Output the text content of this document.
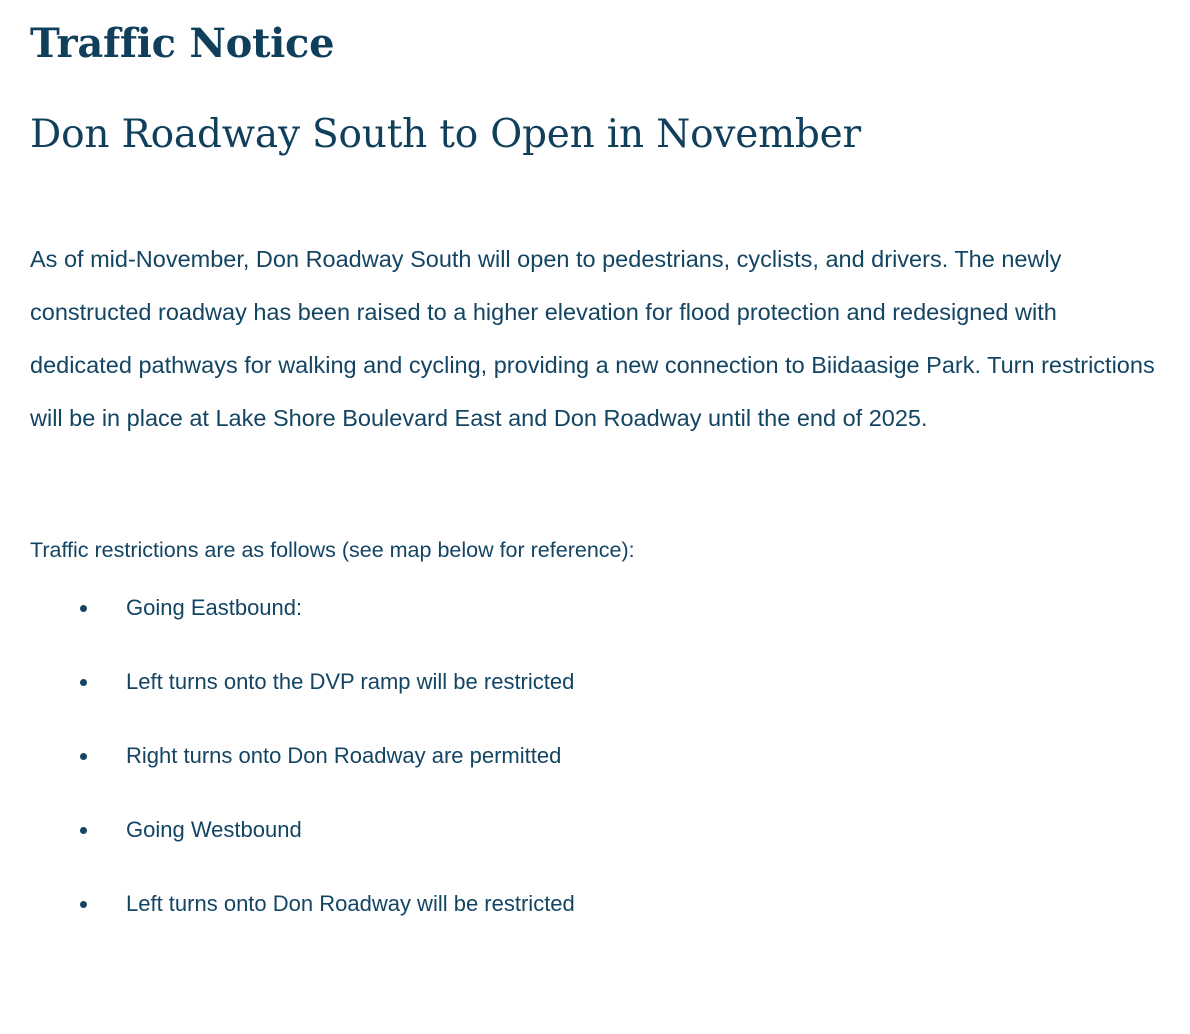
Traffic Notice
Don Roadway South to Open in November

As of mid-November, Don Roadway South will open to pedestrians, cyclists, and drivers. The newly constructed roadway has been raised to a higher elevation for flood protection and redesigned with dedicated pathways for walking and cycling, providing a new connection to Biidaasige Park. Turn restrictions will be in place at Lake Shore Boulevard East and Don Roadway until the end of 2025.

Traffic restrictions are as follows (see map below for reference):

Going Eastbound:
Left turns onto the DVP ramp will be restricted
Right turns onto Don Roadway are permitted
Going Westbound
Left turns onto Don Roadway will be restricted
